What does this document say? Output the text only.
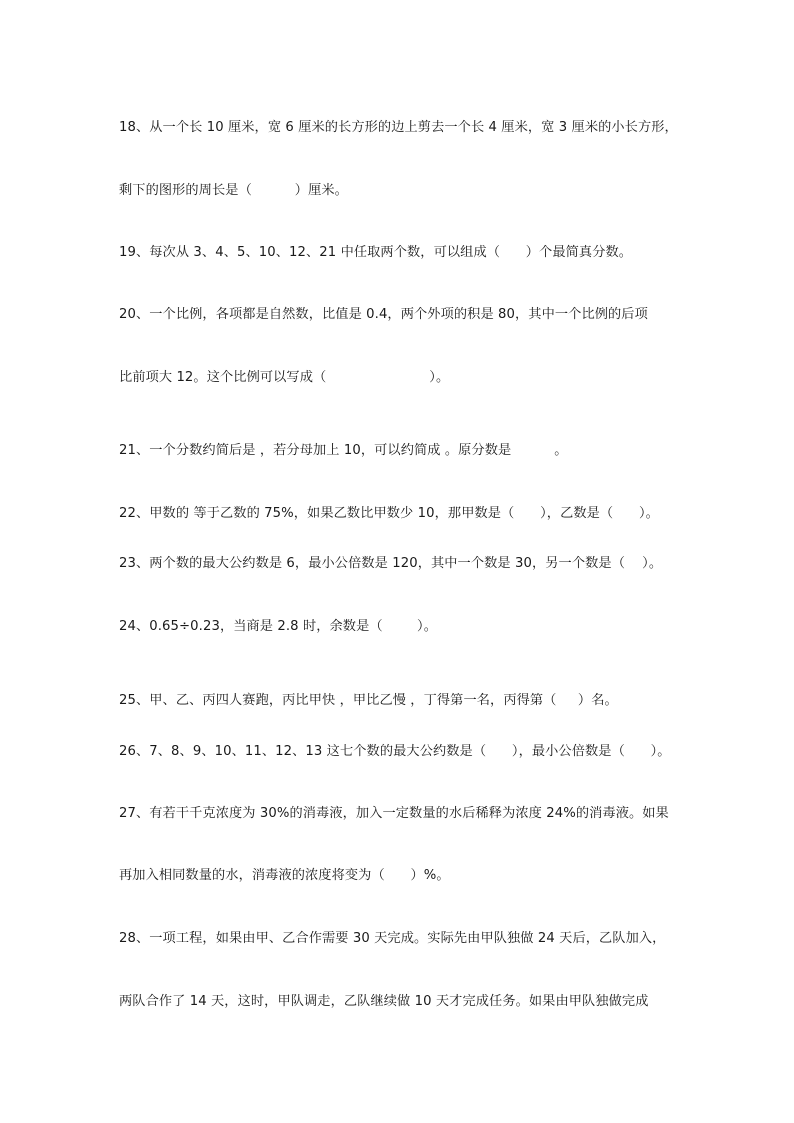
18、从一个长 10 厘米，宽 6 厘米的长方形的边上剪去一个长 4 厘米，宽 3 厘米的小长方形，
剩下的图形的周长是（          ）厘米。
19、每次从 3、4、5、10、12、21 中任取两个数，可以组成（      ）个最简真分数。
20、一个比例，各项都是自然数，比值是 0.4，两个外项的积是 80，其中一个比例的后项
比前项大 12。这个比例可以写成（                        ）。
21、一个分数约简后是 ，若分母加上 10，可以约简成 。原分数是          。
22、甲数的 等于乙数的 75%，如果乙数比甲数少 10，那甲数是（      ），乙数是（      ）。
23、两个数的最大公约数是 6，最小公倍数是 120，其中一个数是 30，另一个数是（    ）。
24、0.65÷0.23，当商是 2.8 时，余数是（        ）。
25、甲、乙、丙四人赛跑，丙比甲快 ，甲比乙慢 ，丁得第一名，丙得第（     ）名。
26、7、8、9、10、11、12、13 这七个数的最大公约数是（      ），最小公倍数是（      ）。
27、有若干千克浓度为 30%的消毒液，加入一定数量的水后稀释为浓度 24%的消毒液。如果
再加入相同数量的水，消毒液的浓度将变为（      ）%。
28、一项工程，如果由甲、乙合作需要 30 天完成。实际先由甲队独做 24 天后，乙队加入，
两队合作了 14 天，这时，甲队调走，乙队继续做 10 天才完成任务。如果由甲队独做完成
